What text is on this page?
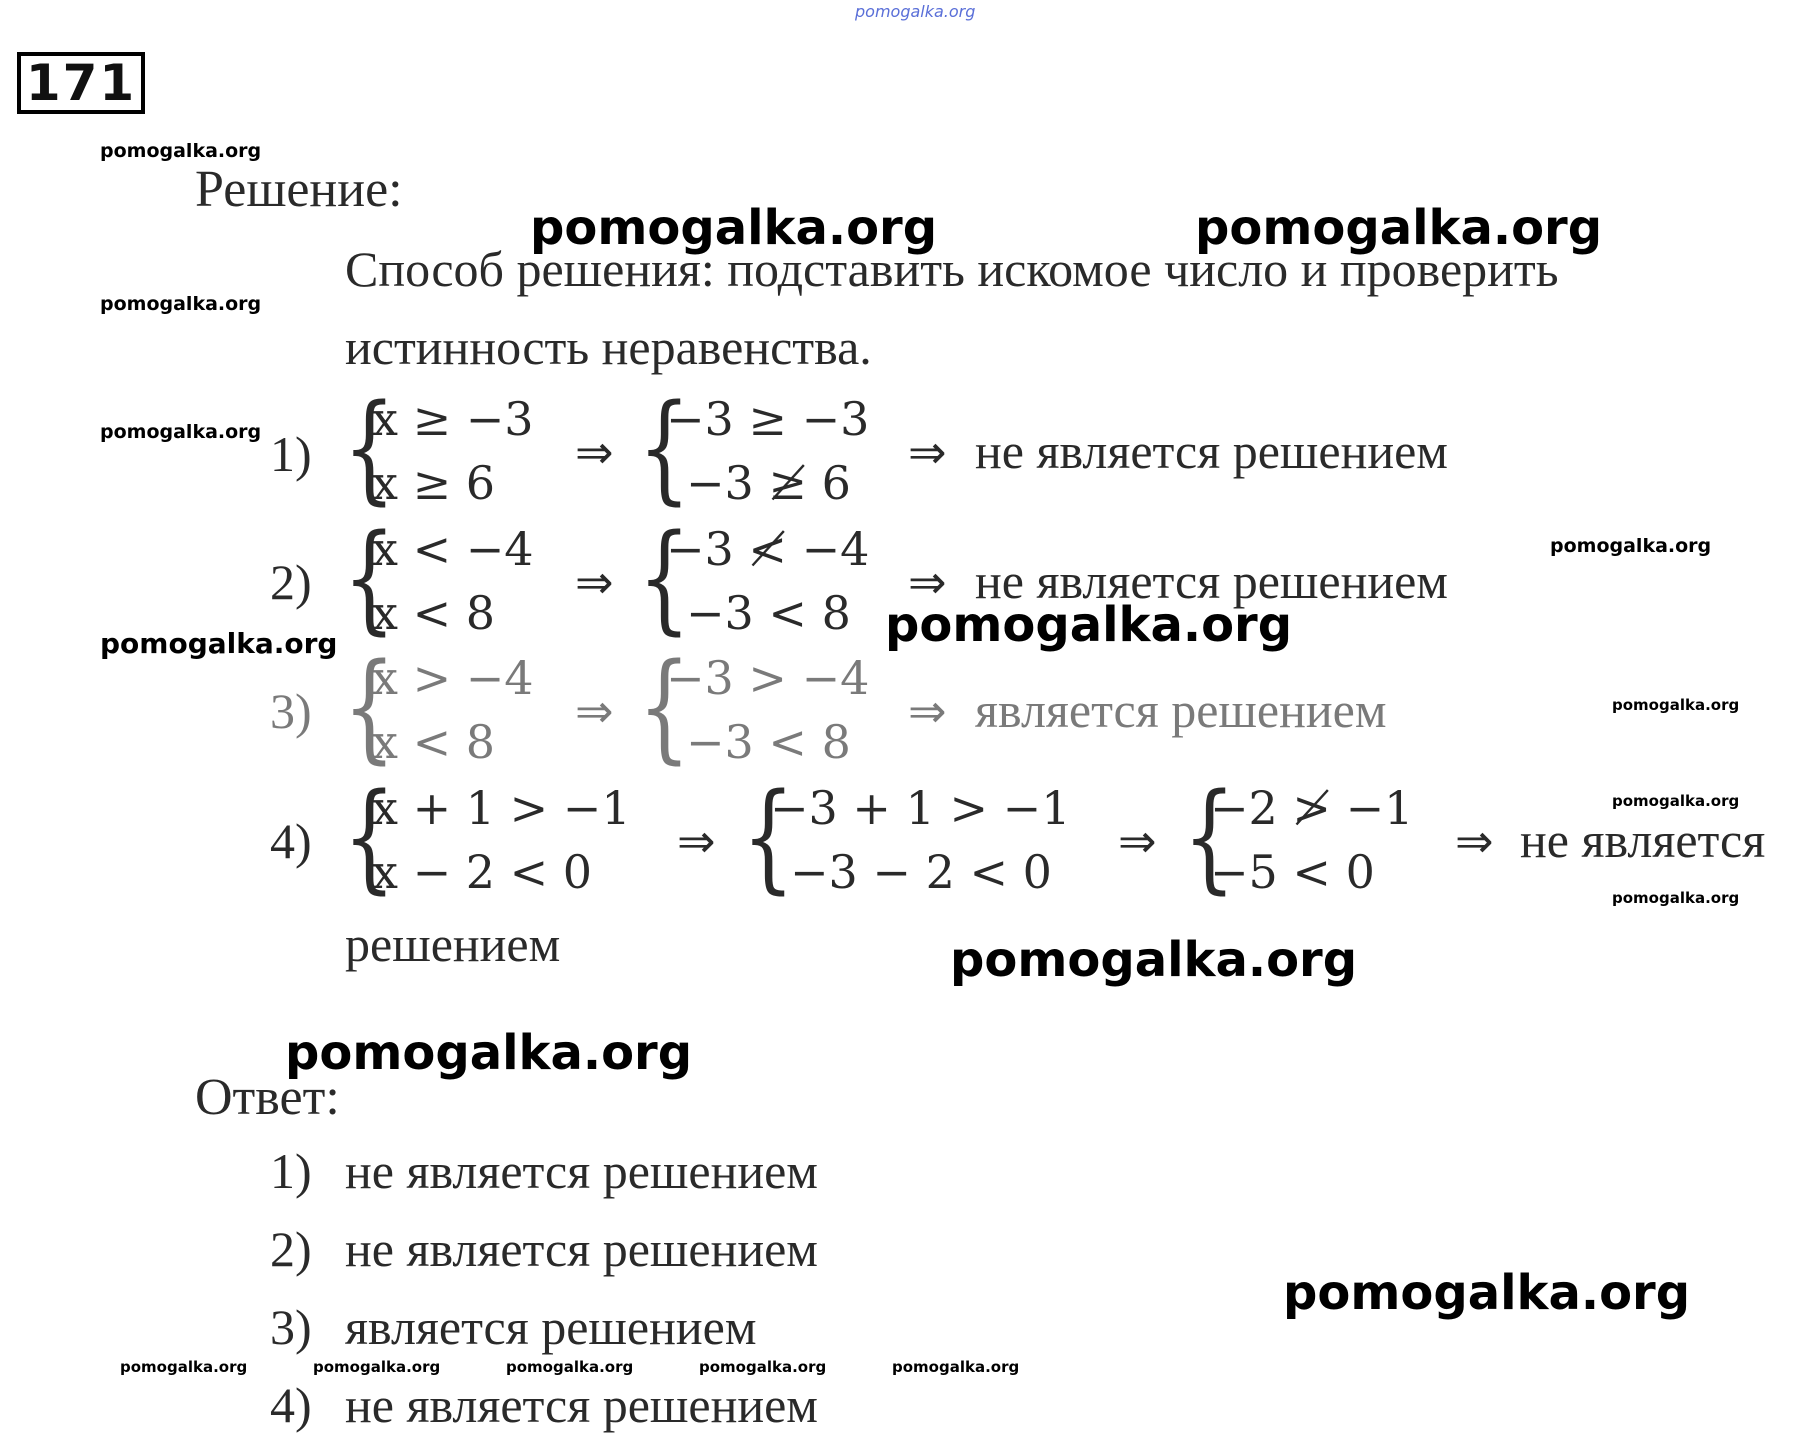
pomogalka.org
171
Решение:
Способ решения: подставить искомое число и проверить
истинность неравенства.
1) {
x ≥ −3
x ≥ 6
⇒ {
−3 ≥ −3
−3 ≱ 6
⇒ не является решением
2) {
x < −4
x < 8
⇒ {
−3 ≮ −4
−3 < 8
⇒ не является решением
3) {
x > −4
x < 8
⇒ {
−3 > −4
−3 < 8
⇒ является решением
4) {
x + 1 > −1
x − 2 < 0
⇒ {
−3 + 1 > −1
−3 − 2 < 0
⇒ {
−2 ≯ −1
−5 < 0
⇒ не является
решением
Ответ:
1) не является решением
2) не является решением
3) является решением
4) не является решением
pomogalka.org
pomogalka.org
pomogalka.org
pomogalka.org
pomogalka.org	pomogalka.org
pomogalka.org
pomogalka.org
pomogalka.org
pomogalka.org
pomogalka.org
pomogalka.org
pomogalka.org
pomogalka.org
pomogalka.org	pomogalka.org	pomogalka.org	pomogalka.org	pomogalka.org
